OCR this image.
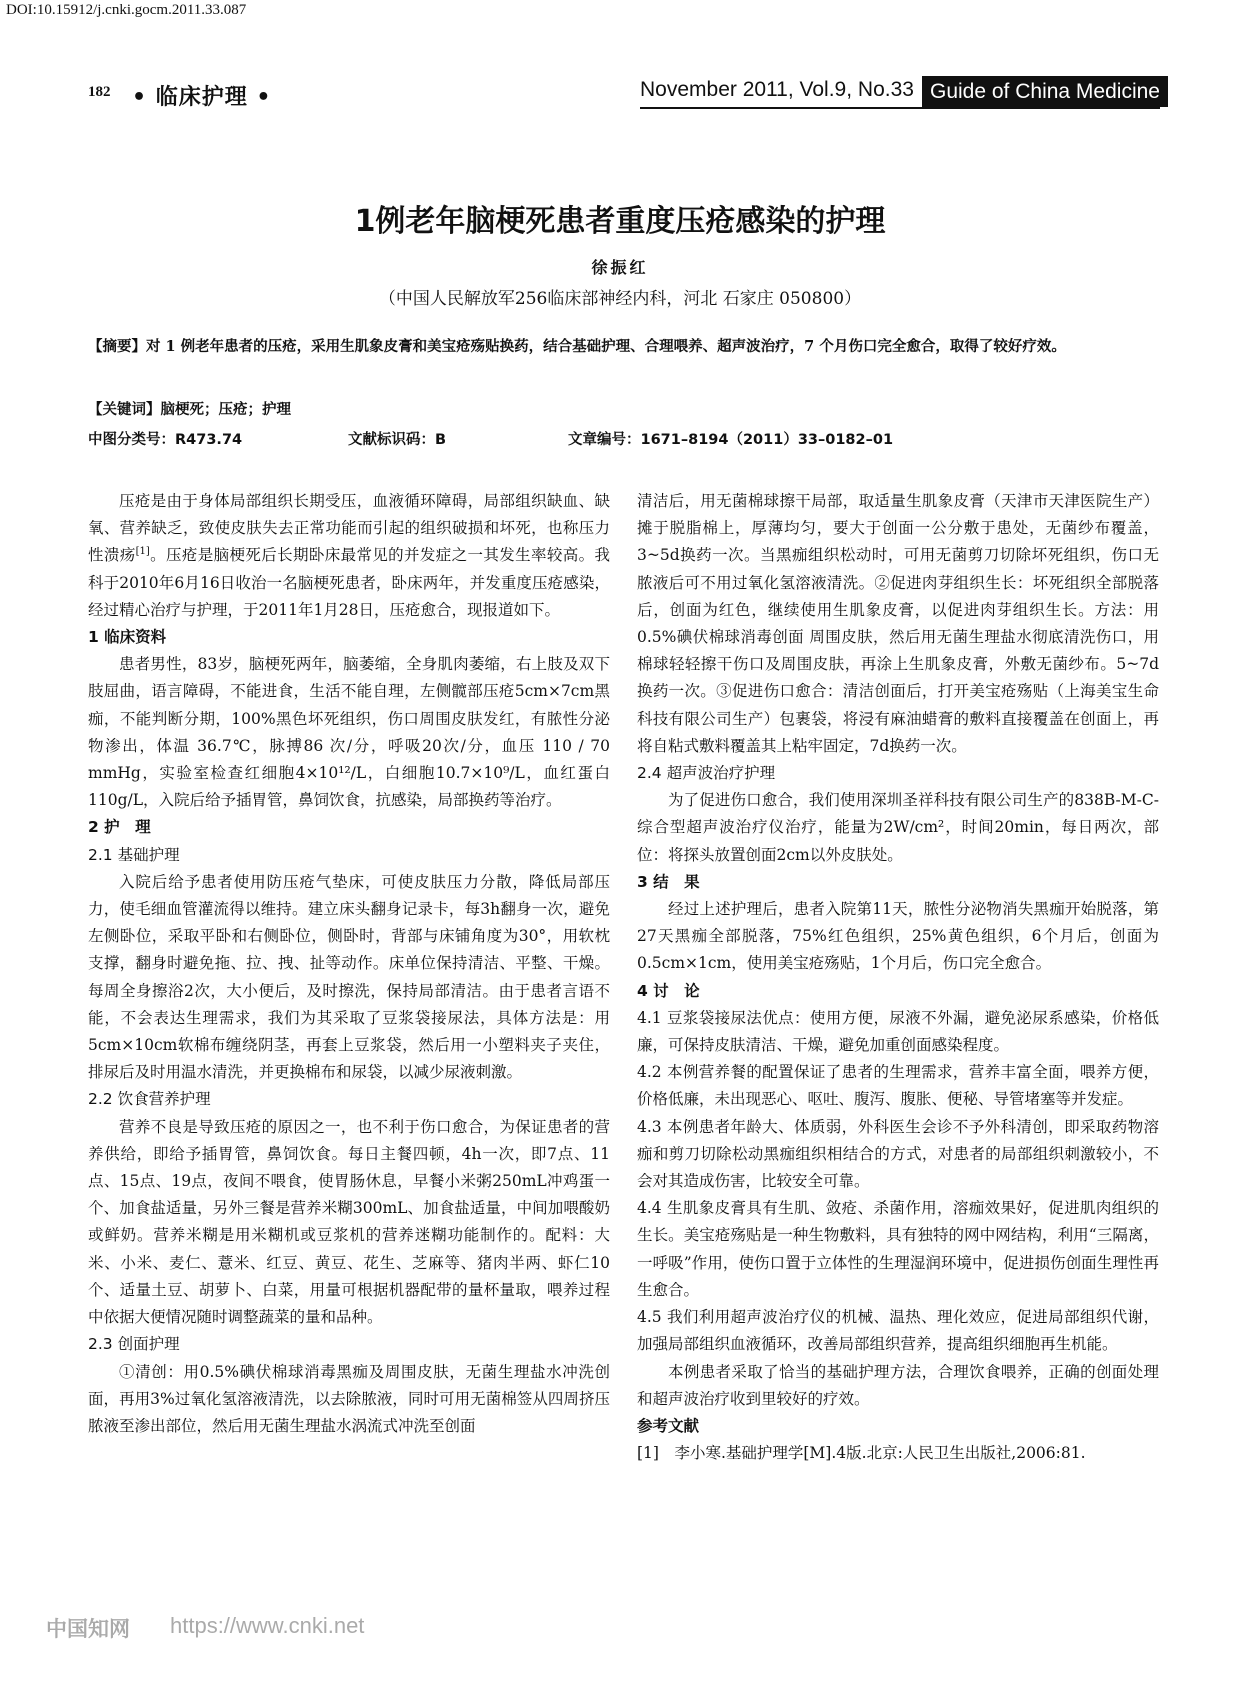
DOI:10.15912/j.cnki.gocm.2011.33.087
182 • 临床护理 •	November 2011, Vol.9, No.33 Guide of China Medicine
1例老年脑梗死患者重度压疮感染的护理
徐振红
（中国人民解放军256临床部神经内科，河北 石家庄 050800）
【摘要】对 1 例老年患者的压疮，采用生肌象皮膏和美宝疮殇贴换药，结合基础护理、合理喂养、超声波治疗，7 个月伤口完全愈合，取得了较好疗效。
【关键词】脑梗死；压疮；护理
中图分类号：R473.74	文献标识码：B	文章编号：1671–8194（2011）33–0182–01

压疮是由于身体局部组织长期受压，血液循环障碍，局部组织缺血、缺氧、营养缺乏，致使皮肤失去正常功能而引起的组织破损和坏死，也称压力性溃疡[1]。压疮是脑梗死后长期卧床最常见的并发症之一其发生率较高。我科于2010年6月16日收治一名脑梗死患者，卧床两年，并发重度压疮感染，经过精心治疗与护理，于2011年1月28日，压疮愈合，现报道如下。

1 临床资料

患者男性，83岁，脑梗死两年，脑萎缩，全身肌肉萎缩，右上肢及双下肢屈曲，语言障碍，不能进食，生活不能自理，左侧髋部压疮5cm×7cm黑痂，不能判断分期，100%黑色坏死组织，伤口周围皮肤发红，有脓性分泌物渗出，体温 36.7℃，脉搏86 次/分，呼吸20次/分，血压 110 / 70 mmHg，实验室检查红细胞4×10¹²/L，白细胞10.7×10⁹/L，血红蛋白110g/L，入院后给予插胃管，鼻饲饮食，抗感染，局部换药等治疗。

2 护　理
2.1 基础护理

入院后给予患者使用防压疮气垫床，可使皮肤压力分散，降低局部压力，使毛细血管灌流得以维持。建立床头翻身记录卡，每3h翻身一次，避免左侧卧位，采取平卧和右侧卧位，侧卧时，背部与床铺角度为30°，用软枕支撑，翻身时避免拖、拉、拽、扯等动作。床单位保持清洁、平整、干燥。每周全身擦浴2次，大小便后，及时擦洗，保持局部清洁。由于患者言语不能，不会表达生理需求，我们为其采取了豆浆袋接尿法，具体方法是：用5cm×10cm软棉布缠绕阴茎，再套上豆浆袋，然后用一小塑料夹子夹住，排尿后及时用温水清洗，并更换棉布和尿袋，以减少尿液刺激。

2.2 饮食营养护理

营养不良是导致压疮的原因之一，也不利于伤口愈合，为保证患者的营养供给，即给予插胃管，鼻饲饮食。每日主餐四顿，4h一次，即7点、11点、15点、19点，夜间不喂食，使胃肠休息，早餐小米粥250mL冲鸡蛋一个、加食盐适量，另外三餐是营养米糊300mL、加食盐适量，中间加喂酸奶或鲜奶。营养米糊是用米糊机或豆浆机的营养迷糊功能制作的。配料：大米、小米、麦仁、薏米、红豆、黄豆、花生、芝麻等、猪肉半两、虾仁10个、适量土豆、胡萝卜、白菜，用量可根据机器配带的量杯量取，喂养过程中依据大便情况随时调整蔬菜的量和品种。

2.3 创面护理

①清创：用0.5%碘伏棉球消毒黑痂及周围皮肤，无菌生理盐水冲洗创面，再用3%过氧化氢溶液清洗，以去除脓液，同时可用无菌棉签从四周挤压脓液至渗出部位，然后用无菌生理盐水涡流式冲洗至创面

清洁后，用无菌棉球擦干局部，取适量生肌象皮膏（天津市天津医院生产）摊于脱脂棉上，厚薄均匀，要大于创面一公分敷于患处，无菌纱布覆盖，3~5d换药一次。当黑痂组织松动时，可用无菌剪刀切除坏死组织，伤口无脓液后可不用过氧化氢溶液清洗。②促进肉芽组织生长：坏死组织全部脱落后，创面为红色，继续使用生肌象皮膏，以促进肉芽组织生长。方法：用0.5%碘伏棉球消毒创面 周围皮肤，然后用无菌生理盐水彻底清洗伤口，用棉球轻轻擦干伤口及周围皮肤，再涂上生肌象皮膏，外敷无菌纱布。5~7d换药一次。③促进伤口愈合：清洁创面后，打开美宝疮殇贴（上海美宝生命科技有限公司生产）包裹袋，将浸有麻油蜡膏的敷料直接覆盖在创面上，再将自粘式敷料覆盖其上粘牢固定，7d换药一次。

2.4 超声波治疗护理

为了促进伤口愈合，我们使用深圳圣祥科技有限公司生产的838B-M-C-综合型超声波治疗仪治疗，能量为2W/cm²，时间20min，每日两次，部位：将探头放置创面2cm以外皮肤处。

3 结　果

经过上述护理后，患者入院第11天，脓性分泌物消失黑痂开始脱落，第27天黑痂全部脱落，75%红色组织，25%黄色组织，6个月后，创面为0.5cm×1cm，使用美宝疮殇贴，1个月后，伤口完全愈合。

4 讨　论

4.1 豆浆袋接尿法优点：使用方便，尿液不外漏，避免泌尿系感染，价格低廉，可保持皮肤清洁、干燥，避免加重创面感染程度。

4.2 本例营养餐的配置保证了患者的生理需求，营养丰富全面，喂养方便，价格低廉，未出现恶心、呕吐、腹泻、腹胀、便秘、导管堵塞等并发症。

4.3 本例患者年龄大、体质弱，外科医生会诊不予外科清创，即采取药物溶痂和剪刀切除松动黑痂组织相结合的方式，对患者的局部组织刺激较小，不会对其造成伤害，比较安全可靠。

4.4 生肌象皮膏具有生肌、敛疮、杀菌作用，溶痂效果好，促进肌肉组织的生长。美宝疮殇贴是一种生物敷料，具有独特的网中网结构，利用“三隔离，一呼吸”作用，使伤口置于立体性的生理湿润环境中，促进损伤创面生理性再生愈合。

4.5 我们利用超声波治疗仪的机械、温热、理化效应，促进局部组织代谢，加强局部组织血液循环，改善局部组织营养，提高组织细胞再生机能。

本例患者采取了恰当的基础护理方法，合理饮食喂养，正确的创面处理和超声波治疗收到里较好的疗效。

参考文献

[1]　李小寒.基础护理学[M].4版.北京:人民卫生出版社,2006:81.

中国知网 https://www.cnki.net
